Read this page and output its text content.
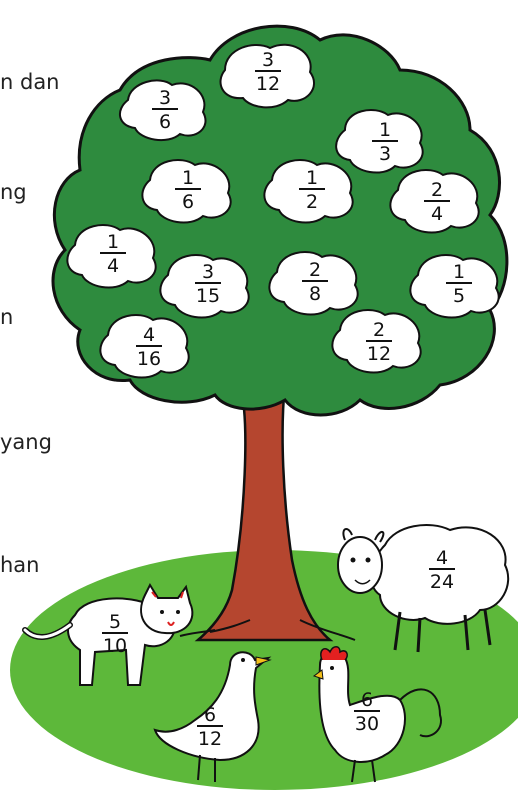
n dan
ng
n
yang
han
3
12
3
6	1
3
1
6
1
2
2
4
1
4	3
15
2
8
1
5
4
16
2
12
4
24
5
10
6
12
6
30
